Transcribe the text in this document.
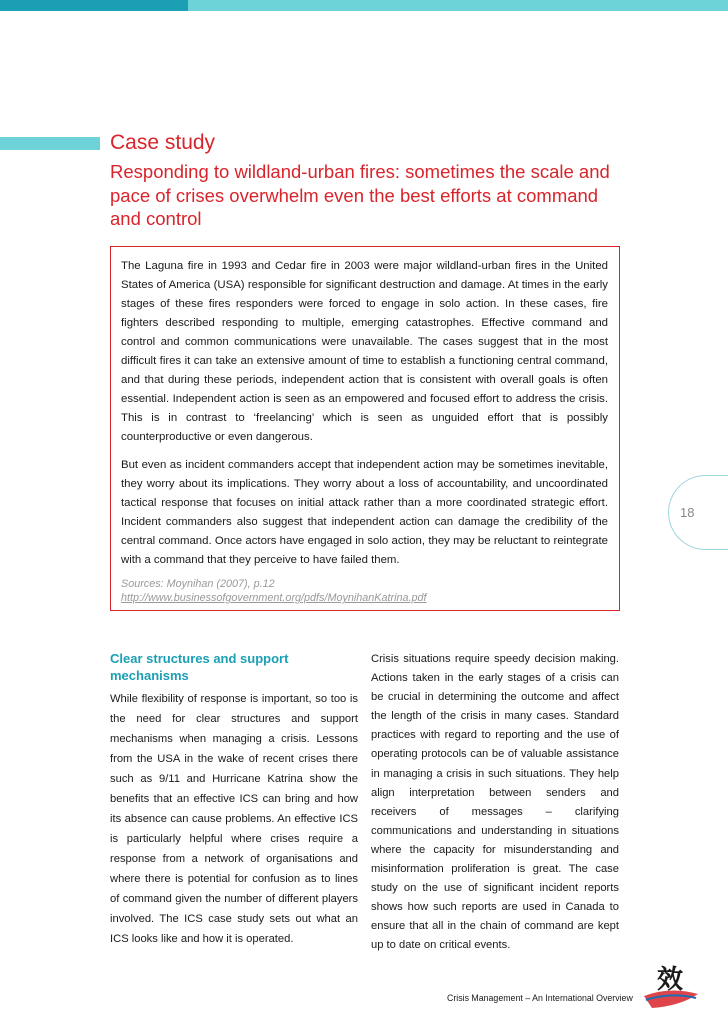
Case study
Responding to wildland-urban fires: sometimes the scale and pace of crises overwhelm even the best efforts at command and control

The Laguna fire in 1993 and Cedar fire in 2003 were major wildland-urban fires in the United States of America (USA) responsible for significant destruction and damage. At times in the early stages of these fires responders were forced to engage in solo action. In these cases, fire fighters described responding to multiple, emerging catastrophes. Effective command and control and common communications were unavailable. The cases suggest that in the most difficult fires it can take an extensive amount of time to establish a functioning central command, and that during these periods, independent action that is consistent with overall goals is often essential. Independent action is seen as an empowered and focused effort to address the crisis. This is in contrast to ‘freelancing’ which is seen as unguided effort that is possibly counterproductive or even dangerous.

But even as incident commanders accept that independent action may be sometimes inevitable, they worry about its implications. They worry about a loss of accountability, and uncoordinated tactical response that focuses on initial attack rather than a more coordinated strategic effort. Incident commanders also suggest that independent action can damage the credibility of the central command. Once actors have engaged in solo action, they may be reluctant to reintegrate with a command that they perceive to have failed them.

Sources: Moynihan (2007), p.12
http://www.businessofgovernment.org/pdfs/MoynihanKatrina.pdf
18
Clear structures and support mechanisms

While flexibility of response is important, so too is the need for clear structures and support mechanisms when managing a crisis. Lessons from the USA in the wake of recent crises there such as 9/11 and Hurricane Katrina show the benefits that an effective ICS can bring and how its absence can cause problems. An effective ICS is particularly helpful where crises require a response from a network of organisations and where there is potential for confusion as to lines of command given the number of different players involved. The ICS case study sets out what an ICS looks like and how it is operated.

Crisis situations require speedy decision making. Actions taken in the early stages of a crisis can be crucial in determining the outcome and affect the length of the crisis in many cases. Standard practices with regard to reporting and the use of operating protocols can be of valuable assistance in managing a crisis in such situations. They help align interpretation between senders and receivers of messages – clarifying communications and understanding in situations where the capacity for misunderstanding and misinformation proliferation is great. The case study on the use of significant incident reports shows how such reports are used in Canada to ensure that all in the chain of command are kept up to date on critical events.

Crisis Management – An International Overview
效
